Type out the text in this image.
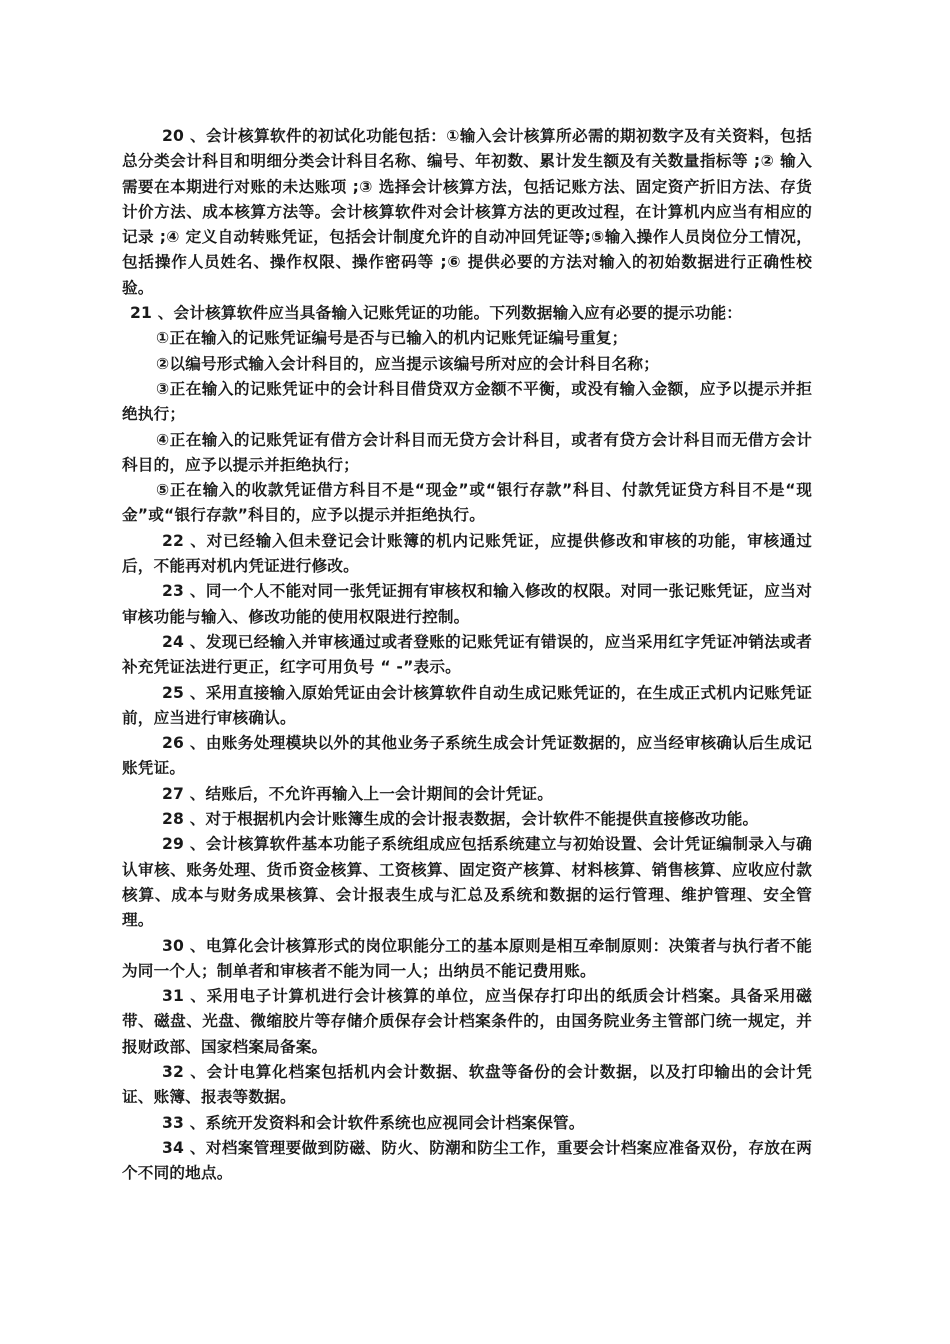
20 、会计核算软件的初试化功能包括：①输入会计核算所必需的期初数字及有关资料，包括总分类会计科目和明细分类会计科目名称、编号、年初数、累计发生额及有关数量指标等 ;② 输入需要在本期进行对账的未达账项 ;③ 选择会计核算方法，包括记账方法、固定资产折旧方法、存货计价方法、成本核算方法等。会计核算软件对会计核算方法的更改过程，在计算机内应当有相应的记录 ;④ 定义自动转账凭证，包括会计制度允许的自动冲回凭证等;⑤输入操作人员岗位分工情况，包括操作人员姓名、操作权限、操作密码等 ;⑥ 提供必要的方法对输入的初始数据进行正确性校验。

21 、会计核算软件应当具备输入记账凭证的功能。下列数据输入应有必要的提示功能：

①正在输入的记账凭证编号是否与已输入的机内记账凭证编号重复；

②以编号形式输入会计科目的，应当提示该编号所对应的会计科目名称；

③正在输入的记账凭证中的会计科目借贷双方金额不平衡，或没有输入金额，应予以提示并拒绝执行；

④正在输入的记账凭证有借方会计科目而无贷方会计科目，或者有贷方会计科目而无借方会计科目的，应予以提示并拒绝执行；

⑤正在输入的收款凭证借方科目不是“现金”或“银行存款”科目、付款凭证贷方科目不是“现金”或“银行存款”科目的，应予以提示并拒绝执行。

22 、对已经输入但未登记会计账簿的机内记账凭证，应提供修改和审核的功能，审核通过后，不能再对机内凭证进行修改。

23 、同一个人不能对同一张凭证拥有审核权和输入修改的权限。对同一张记账凭证，应当对审核功能与输入、修改功能的使用权限进行控制。

24 、发现已经输入并审核通过或者登账的记账凭证有错误的，应当采用红字凭证冲销法或者补充凭证法进行更正，红字可用负号 “ -”表示。

25 、采用直接输入原始凭证由会计核算软件自动生成记账凭证的，在生成正式机内记账凭证前，应当进行审核确认。

26 、由账务处理模块以外的其他业务子系统生成会计凭证数据的，应当经审核确认后生成记账凭证。

27 、结账后，不允许再输入上一会计期间的会计凭证。

28 、对于根据机内会计账簿生成的会计报表数据，会计软件不能提供直接修改功能。

29 、会计核算软件基本功能子系统组成应包括系统建立与初始设置、会计凭证编制录入与确认审核、账务处理、货币资金核算、工资核算、固定资产核算、材料核算、销售核算、应收应付款核算、成本与财务成果核算、会计报表生成与汇总及系统和数据的运行管理、维护管理、安全管理。

30 、电算化会计核算形式的岗位职能分工的基本原则是相互牵制原则：决策者与执行者不能为同一个人；制单者和审核者不能为同一人；出纳员不能记费用账。

31 、采用电子计算机进行会计核算的单位，应当保存打印出的纸质会计档案。具备采用磁带、磁盘、光盘、微缩胶片等存储介质保存会计档案条件的，由国务院业务主管部门统一规定，并报财政部、国家档案局备案。

32 、会计电算化档案包括机内会计数据、软盘等备份的会计数据，以及打印输出的会计凭证、账簿、报表等数据。

33 、系统开发资料和会计软件系统也应视同会计档案保管。

34 、对档案管理要做到防磁、防火、防潮和防尘工作，重要会计档案应准备双份，存放在两个不同的地点。
